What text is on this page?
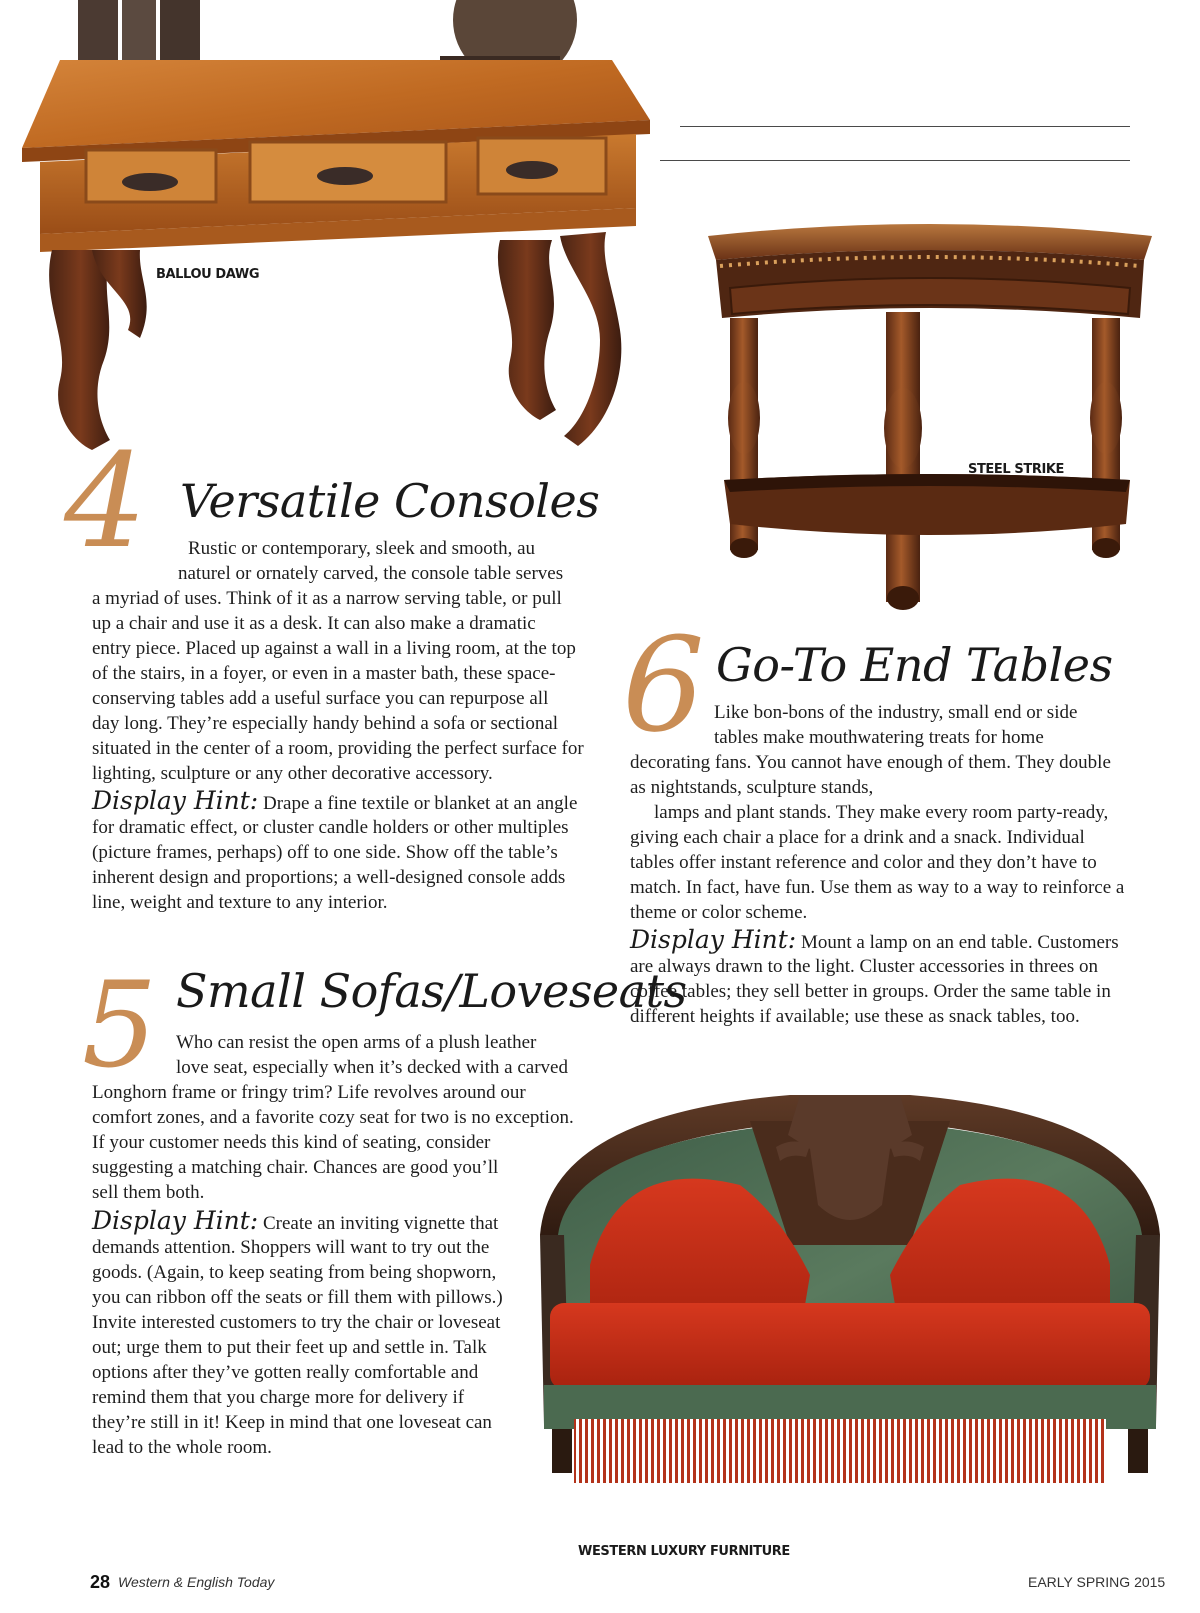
BALLOU DAWG
STEEL STRIKE
WESTERN LUXURY FURNITURE
4 Versatile Consoles
Rustic or contemporary, sleek and smooth, au
naturel or ornately carved, the console table serves
a myriad of uses. Think of it as a narrow serving table, or pull
up a chair and use it as a desk. It can also make a dramatic
entry piece. Placed up against a wall in a living room, at the top
of the stairs, in a foyer, or even in a master bath, these space-
conserving tables add a useful surface you can repurpose all
day long. They’re especially handy behind a sofa or sectional
situated in the center of a room, providing the perfect surface for
lighting, sculpture or any other decorative accessory.
Display Hint: Drape a fine textile or blanket at an angle
for dramatic effect, or cluster candle holders or other multiples
(picture frames, perhaps) off to one side. Show off the table’s
inherent design and proportions; a well-designed console adds
line, weight and texture to any interior.
5 Small Sofas/Loveseats
Who can resist the open arms of a plush leather
love seat, especially when it’s decked with a carved
Longhorn frame or fringy trim? Life revolves around our
comfort zones, and a favorite cozy seat for two is no exception.
If your customer needs this kind of seating, consider
suggesting a matching chair. Chances are good you’ll
sell them both.
Display Hint: Create an inviting vignette that
demands attention. Shoppers will want to try out the
goods. (Again, to keep seating from being shopworn,
you can ribbon off the seats or fill them with pillows.)
Invite interested customers to try the chair or loveseat
out; urge them to put their feet up and settle in. Talk
options after they’ve gotten really comfortable and
remind them that you charge more for delivery if
they’re still in it! Keep in mind that one loveseat can
lead to the whole room.
6 Go-To End Tables
Like bon-bons of the industry, small end or side
tables make mouthwatering treats for home
decorating fans. You cannot have enough of them. They double
as nightstands, sculpture stands,
lamps and plant stands. They make every room party-ready,
giving each chair a place for a drink and a snack. Individual
tables offer instant reference and color and they don’t have to
match. In fact, have fun. Use them as way to a way to reinforce a
theme or color scheme.
Display Hint: Mount a lamp on an end table. Customers
are always drawn to the light. Cluster accessories in threes on
coffee tables; they sell better in groups. Order the same table in
different heights if available; use these as snack tables, too.
28 Western & English Today	EARLY SPRING 2015
